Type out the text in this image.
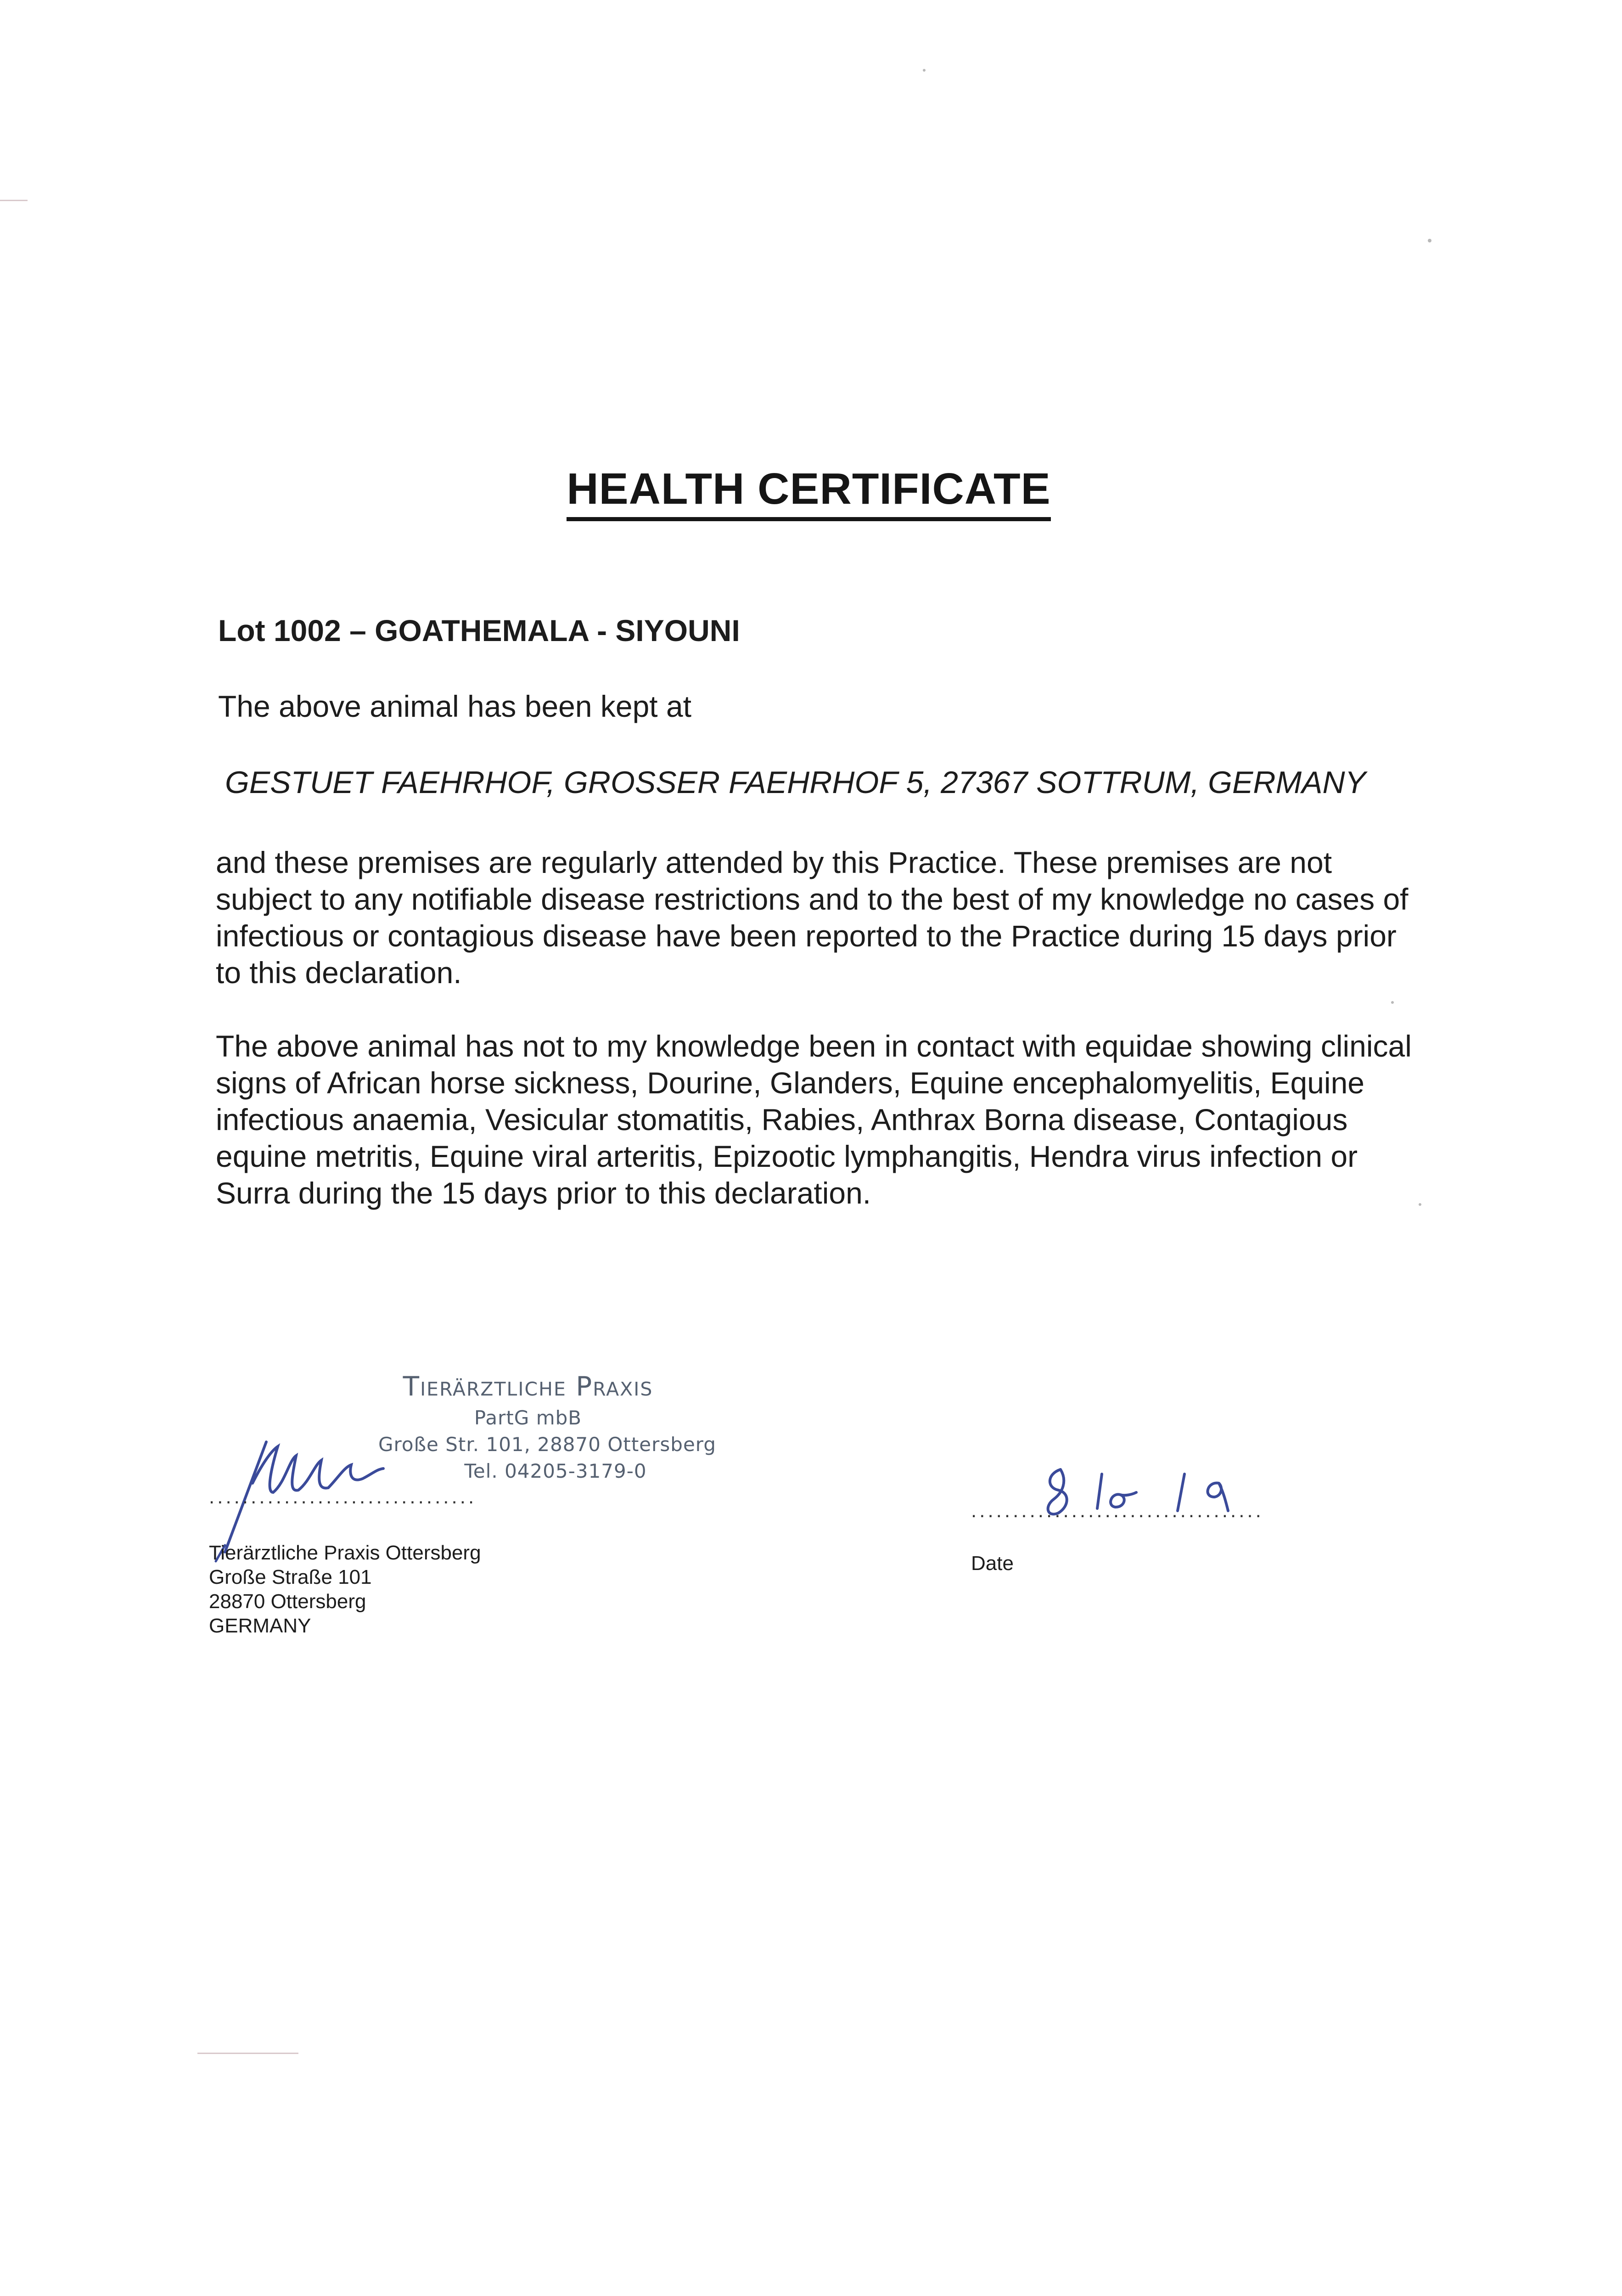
HEALTH CERTIFICATE
Lot 1002 – GOATHEMALA - SIYOUNI
The above animal has been kept at
GESTUET FAEHRHOF, GROSSER FAEHRHOF 5, 27367 SOTTRUM, GERMANY
and these premises are regularly attended by this Practice. These premises are not subject to any notifiable disease restrictions and to the best of my knowledge no cases of infectious or contagious disease have been reported to the Practice during 15 days prior to this declaration.
The above animal has not to my knowledge been in contact with equidae showing clinical signs of African horse sickness, Dourine, Glanders, Equine encephalomyelitis, Equine infectious anaemia, Vesicular stomatitis, Rabies, Anthrax Borna disease, Contagious equine metritis, Equine viral arteritis, Epizootic lymphangitis, Hendra virus infection or Surra during the 15 days prior to this declaration.
Tierärztliche Praxis
PartG mbB
Große Str. 101, 28870 Ottersberg
Tel. 04205-3179-0
................................
Tierärztliche Praxis Ottersberg
Große Straße 101
28870 Ottersberg
GERMANY
...................................
Date
